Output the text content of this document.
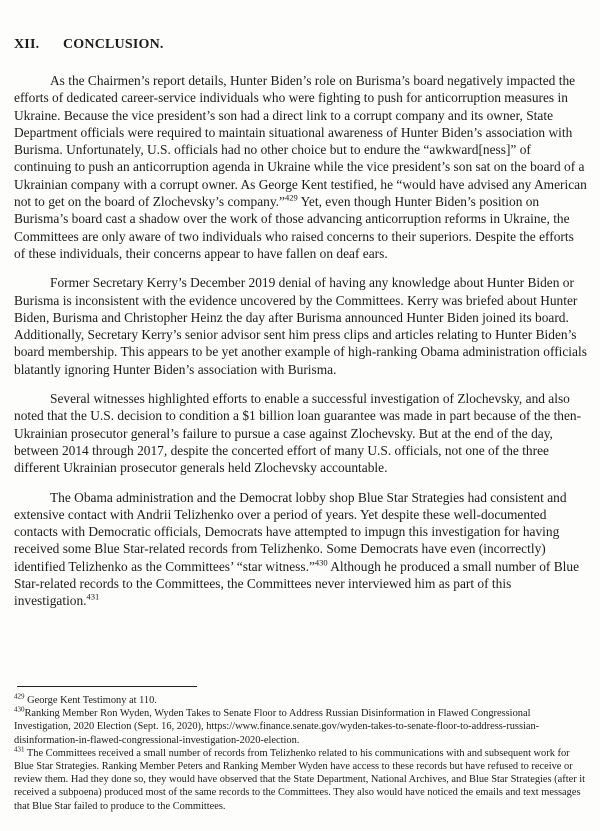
XII.	CONCLUSION.

As the Chairmen’s report details, Hunter Biden’s role on Burisma’s board negatively impacted the efforts of dedicated career-service individuals who were fighting to push for anticorruption measures in Ukraine. Because the vice president’s son had a direct link to a corrupt company and its owner, State Department officials were required to maintain situational awareness of Hunter Biden’s association with Burisma. Unfortunately, U.S. officials had no other choice but to endure the “awkward[ness]” of continuing to push an anticorruption agenda in Ukraine while the vice president’s son sat on the board of a Ukrainian company with a corrupt owner. As George Kent testified, he “would have advised any American not to get on the board of Zlochevsky’s company.”$^{429}$ Yet, even though Hunter Biden’s position on Burisma’s board cast a shadow over the work of those advancing anticorruption reforms in Ukraine, the Committees are only aware of two individuals who raised concerns to their superiors. Despite the efforts of these individuals, their concerns appear to have fallen on deaf ears.

Former Secretary Kerry’s December 2019 denial of having any knowledge about Hunter Biden or Burisma is inconsistent with the evidence uncovered by the Committees. Kerry was briefed about Hunter Biden, Burisma and Christopher Heinz the day after Burisma announced Hunter Biden joined its board. Additionally, Secretary Kerry’s senior advisor sent him press clips and articles relating to Hunter Biden’s board membership. This appears to be yet another example of high-ranking Obama administration officials blatantly ignoring Hunter Biden’s association with Burisma.

Several witnesses highlighted efforts to enable a successful investigation of Zlochevsky, and also noted that the U.S. decision to condition a $1 billion loan guarantee was made in part because of the then-Ukrainian prosecutor general’s failure to pursue a case against Zlochevsky. But at the end of the day, between 2014 through 2017, despite the concerted effort of many U.S. officials, not one of the three different Ukrainian prosecutor generals held Zlochevsky accountable.

The Obama administration and the Democrat lobby shop Blue Star Strategies had consistent and extensive contact with Andrii Telizhenko over a period of years. Yet despite these well-documented contacts with Democratic officials, Democrats have attempted to impugn this investigation for having received some Blue Star-related records from Telizhenko. Some Democrats have even (incorrectly) identified Telizhenko as the Committees’ “star witness.”$^{430}$ Although he produced a small number of Blue Star-related records to the Committees, the Committees never interviewed him as part of this investigation.$^{431}$

$^{429}$ George Kent Testimony at 110.

$^{430}$Ranking Member Ron Wyden, Wyden Takes to Senate Floor to Address Russian Disinformation in Flawed Congressional Investigation, 2020 Election (Sept. 16, 2020), https://www.finance.senate.gov/wyden-takes-to-senate-floor-to-address-russian-disinformation-in-flawed-congressional-investigation-2020-election.

$^{431}$ The Committees received a small number of records from Telizhenko related to his communications with and subsequent work for Blue Star Strategies. Ranking Member Peters and Ranking Member Wyden have access to these records but have refused to receive or review them. Had they done so, they would have observed that the State Department, National Archives, and Blue Star Strategies (after it received a subpoena) produced most of the same records to the Committees. They also would have noticed the emails and text messages that Blue Star failed to produce to the Committees.
